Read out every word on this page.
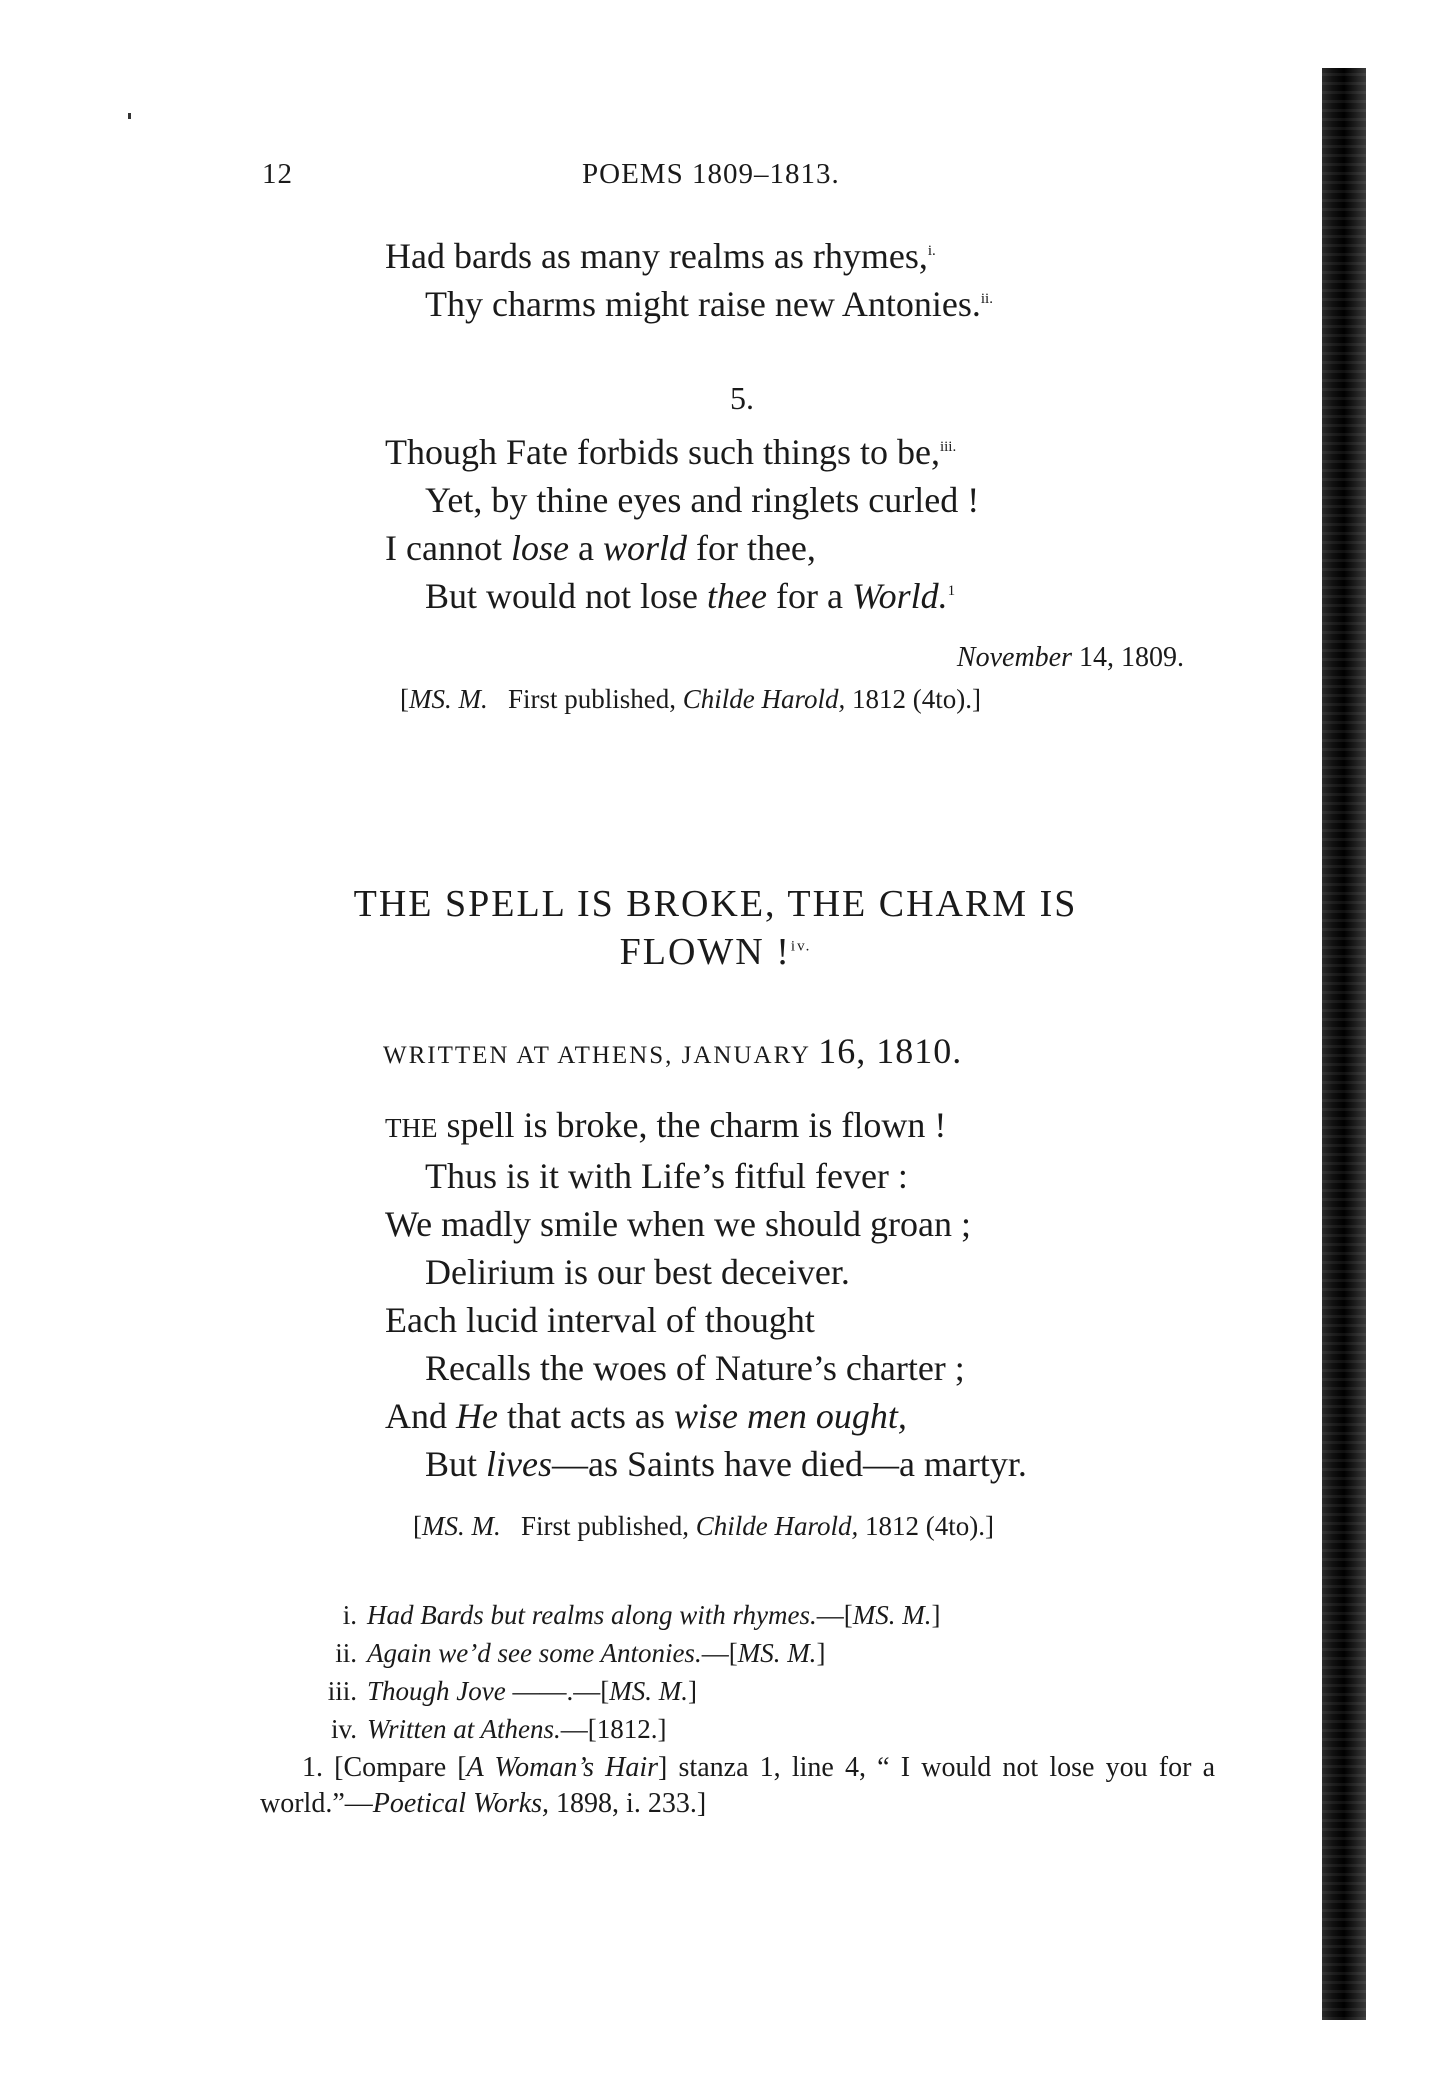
12	POEMS 1809–1813.
Had bards as many realms as rhymes,$^{i.}$
Thy charms might raise new Antonies.$^{ii.}$
5.
Though Fate forbids such things to be,$^{iii.}$
Yet, by thine eyes and ringlets curled !
I cannot lose a world for thee,
But would not lose thee for a World.$^1$
November 14, 1809.
[MS. M.   First published, Childe Harold, 1812 (4to).]
THE SPELL IS BROKE, THE CHARM IS
FLOWN !$^{iv.}$
WRITTEN AT ATHENS, JANUARY 16, 1810.
THE spell is broke, the charm is flown !
Thus is it with Life’s fitful fever :
We madly smile when we should groan ;
Delirium is our best deceiver.
Each lucid interval of thought
Recalls the woes of Nature’s charter ;
And He that acts as wise men ought,
But lives—as Saints have died—a martyr.
[MS. M.   First published, Childe Harold, 1812 (4to).]
i. Had Bards but realms along with rhymes.—[MS. M.]
ii. Again we’d see some Antonies.—[MS. M.]
iii. Though Jove ——.—[MS. M.]
iv. Written at Athens.—[1812.]
1. [Compare [A Woman’s Hair] stanza 1, line 4, “ I would not lose you for a world.”—Poetical Works, 1898, i. 233.]
